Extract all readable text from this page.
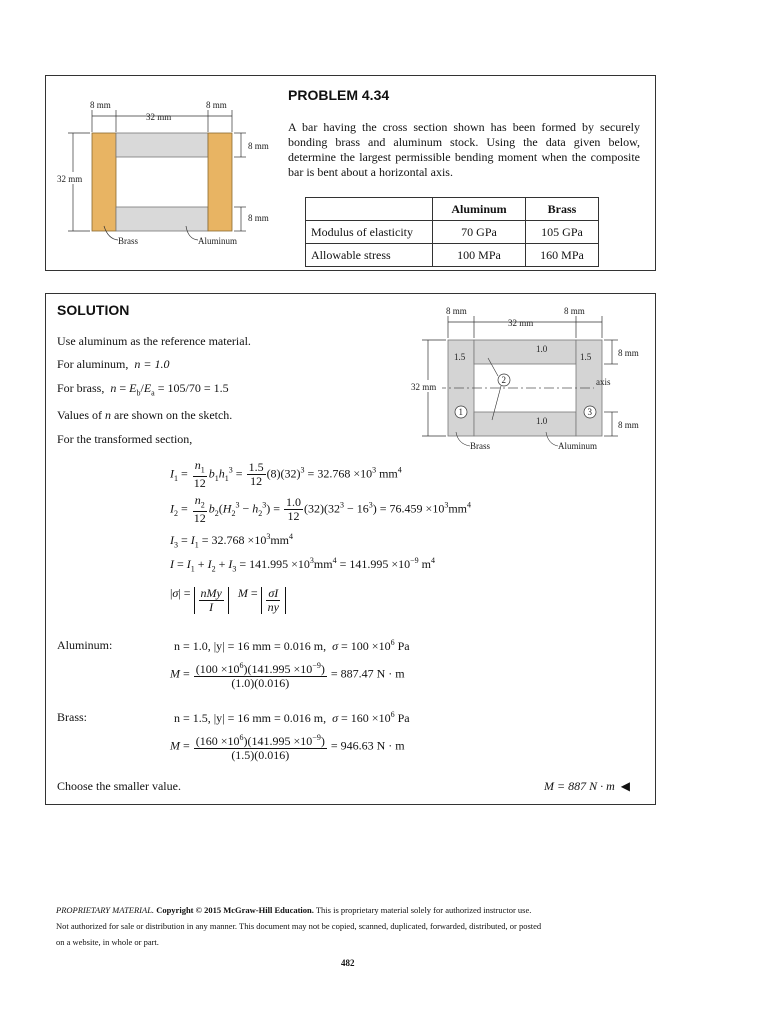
8 mm
32 mm
8 mm
8 mm
8 mm
32 mm
Brass	Aluminum
PROBLEM 4.34
A bar having the cross section shown has been formed by securely bonding brass and aluminum stock. Using the data given below, determine the largest permissible bending moment when the composite bar is bent about a horizontal axis.
	Aluminum	Brass
Modulus of elasticity	70 GPa	105 GPa
Allowable stress	100 MPa	160 MPa
SOLUTION
Use aluminum as the reference material.
For aluminum, n = 1.0
For brass, $n = E_b/E_a = 105/70 = 1.5$
Values of n are shown on the sketch.
For the transformed section,
8 mm
32 mm
8 mm
axis
1.5
1.0
1.5
1.0
1
2
3
8 mm
8 mm
32 mm
Brass	Aluminum
$I_1 = \frac{n_1}{12} b_1h_1^3 = \frac{1.5}{12} (8)(32)^3 = 32.768 \times 10^3$ $mm^4$
$I_2 = \frac{n_2}{12} b_2(H_2^3 - h_2^3) = \frac{1.0}{12} (32)(32^3 - 16^3) = 76.459 \times 10^3mm^4$
$I_3 = I_1 = 32.768 \times 10^3mm^4$
$I = I_1 + I_2 + I_3 = 141.995 \times 10^3mm^4 = 141.995 \times 10^{-9}$ $m^4$
$|\sigma| = \frac{\text{nMy}}{I}$ $M = \frac{\sigma I}{ny}$
Aluminum:	n = 1.0, |y| = 16 mm = 0.016 m, $\sigma = 100 \times 10^6$ Pa
$M = \frac{(100 \times 10^6)(141.995 \times 10^{-9})}{(1.0)(0.016)} = 887.47$ N · m
Brass:	n = 1.5, |y| = 16 mm = 0.016 m, $\sigma = 160 \times 10^6$ Pa
$M = \frac{(160 \times 10^6)(141.995 \times 10^{-9})}{(1.5)(0.016)} = 946.63$ N · m
Choose the smaller value.	M = 887 N · m ◀
PROPRIETARY MATERIAL. Copyright © 2015 McGraw-Hill Education. This is proprietary material solely for authorized instructor use.
Not authorized for sale or distribution in any manner. This document may not be copied, scanned, duplicated, forwarded, distributed, or posted
on a website, in whole or part.
482
